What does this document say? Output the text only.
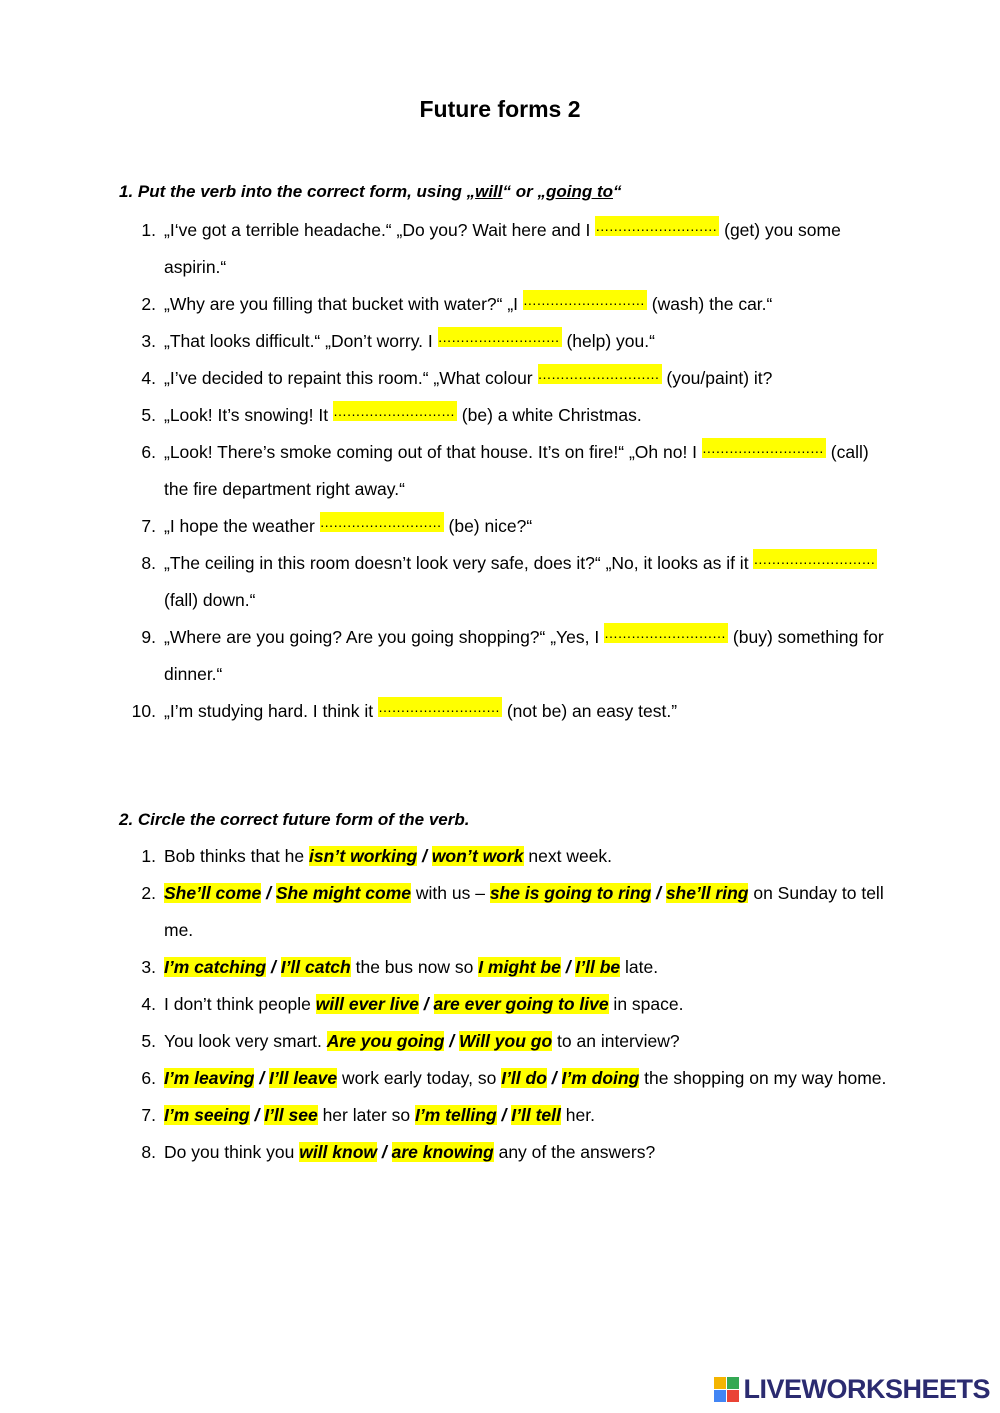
Future forms 2

1. Put the verb into the correct form, using „will“ or „going to“

1. „I‘ve got a terrible headache.“ „Do you? Wait here and I ……………………… (get) you some aspirin.“
2. „Why are you filling that bucket with water?“ „I ……………………… (wash) the car.“
3. „That looks difficult.“ „Don’t worry. I ……………………… (help) you.“
4. „I’ve decided to repaint this room.“ „What colour ……………………… (you/paint) it?
5. „Look! It’s snowing! It ……………………… (be) a white Christmas.
6. „Look! There’s smoke coming out of that house. It’s on fire!“ „Oh no! I ……………………… (call) the fire department right away.“
7. „I hope the weather ……………………… (be) nice?“
8. „The ceiling in this room doesn’t look very safe, does it?“ „No, it looks as if it ……………………… (fall) down.“
9. „Where are you going? Are you going shopping?“ „Yes, I ……………………… (buy) something for dinner.“
10. „I’m studying hard. I think it ……………………… (not be) an easy test.”

2. Circle the correct future form of the verb.

1. Bob thinks that he isn’t working / won’t work next week.
2. She’ll come / She might come with us – she is going to ring / she’ll ring on Sunday to tell me.
3. I’m catching / I’ll catch the bus now so I might be / I’ll be late.
4. I don’t think people will ever live / are ever going to live in space.
5. You look very smart. Are you going / Will you go to an interview?
6. I’m leaving / I’ll leave work early today, so I’ll do / I’m doing the shopping on my way home.
7. I’m seeing / I’ll see her later so I’m telling / I’ll tell her.
8. Do you think you will know / are knowing any of the answers?
LIVEWORKSHEETS
